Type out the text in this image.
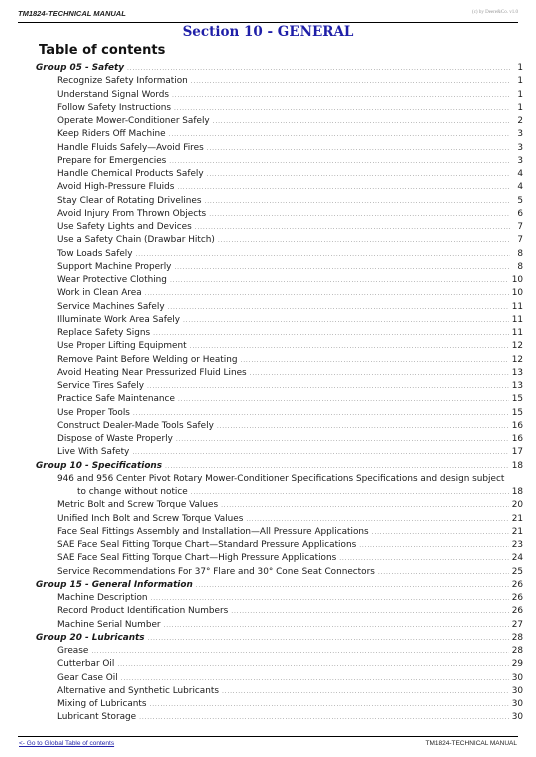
TM1824-TECHNICAL MANUAL	(c) by Deere&Co. v1.0
Section 10 - GENERAL
Table of contents
Group 05 - Safety .....	1
Recognize Safety Information .....	1
Understand Signal Words .....	1
Follow Safety Instructions .....	1
Operate Mower-Conditioner Safely .....	2
Keep Riders Off Machine .....	3
Handle Fluids Safely—Avoid Fires .....	3
Prepare for Emergencies .....	3
Handle Chemical Products Safely .....	4
Avoid High-Pressure Fluids .....	4
Stay Clear of Rotating Drivelines .....	5
Avoid Injury From Thrown Objects .....	6
Use Safety Lights and Devices .....	7
Use a Safety Chain (Drawbar Hitch) .....	7
Tow Loads Safely .....	8
Support Machine Properly .....	8
Wear Protective Clothing .....	10
Work in Clean Area .....	10
Service Machines Safely .....	11
Illuminate Work Area Safely .....	11
Replace Safety Signs .....	11
Use Proper Lifting Equipment .....	12
Remove Paint Before Welding or Heating .....	12
Avoid Heating Near Pressurized Fluid Lines .....	13
Service Tires Safely .....	13
Practice Safe Maintenance .....	15
Use Proper Tools .....	15
Construct Dealer-Made Tools Safely .....	16
Dispose of Waste Properly .....	16
Live With Safety .....	17
Group 10 - Specifications .....	18
946 and 956 Center Pivot Rotary Mower-Conditioner Specifications Specifications and design subject
to change without notice .....	18
Metric Bolt and Screw Torque Values .....	20
Unified Inch Bolt and Screw Torque Values .....	21
Face Seal Fittings Assembly and Installation—All Pressure Applications .....	21
SAE Face Seal Fitting Torque Chart—Standard Pressure Applications .....	23
SAE Face Seal Fitting Torque Chart—High Pressure Applications .....	24
Service Recommendations For 37° Flare and 30° Cone Seat Connectors .....	25
Group 15 - General Information .....	26
Machine Description .....	26
Record Product Identification Numbers .....	26
Machine Serial Number .....	27
Group 20 - Lubricants .....	28
Grease .....	28
Cutterbar Oil .....	29
Gear Case Oil .....	30
Alternative and Synthetic Lubricants .....	30
Mixing of Lubricants .....	30
Lubricant Storage .....	30
<- Go to Global Table of contents	TM1824-TECHNICAL MANUAL
